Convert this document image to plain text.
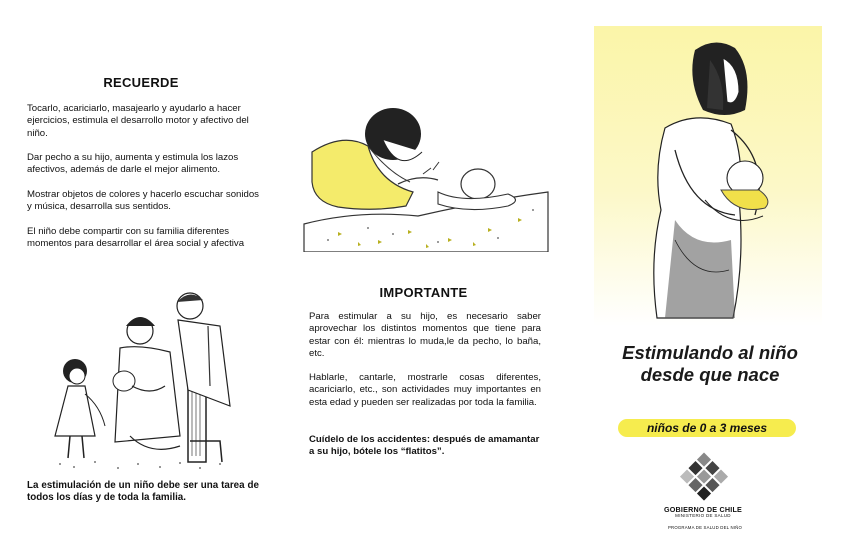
RECUERDE
Tocarlo, acariciarlo, masajearlo y ayudarlo a hacer ejercicios, estimula el desarrollo motor y afectivo del niño.
Dar pecho a su hijo, aumenta y estimula los lazos afectivos, además de darle el mejor alimento.
Mostrar objetos de colores y hacerlo escuchar sonidos y música, desarrolla sus sentidos.
El niño debe compartir con su familia diferentes momentos para desarrollar el área social y afectiva
La estimulación de un niño debe ser una tarea de todos los días y de toda la familia.
IMPORTANTE
Para estimular a su hijo, es necesario saber aprovechar los distintos momentos que tiene para estar con él: mientras lo muda,le da pecho, lo baña, etc.
Hablarle, cantarle, mostrarle cosas diferentes, acariciarlo, etc., son actividades muy importantes en esta edad y pueden ser realizadas por toda la familia.
Cuídelo de los accidentes: después de amamantar a su hijo, bótele los “flatitos”.
Estimulando al niño
desde que nace
niños de 0 a 3 meses
GOBIERNO DE CHILE
MINISTERIO DE SALUD
PROGRAMA DE SALUD DEL NIÑO
